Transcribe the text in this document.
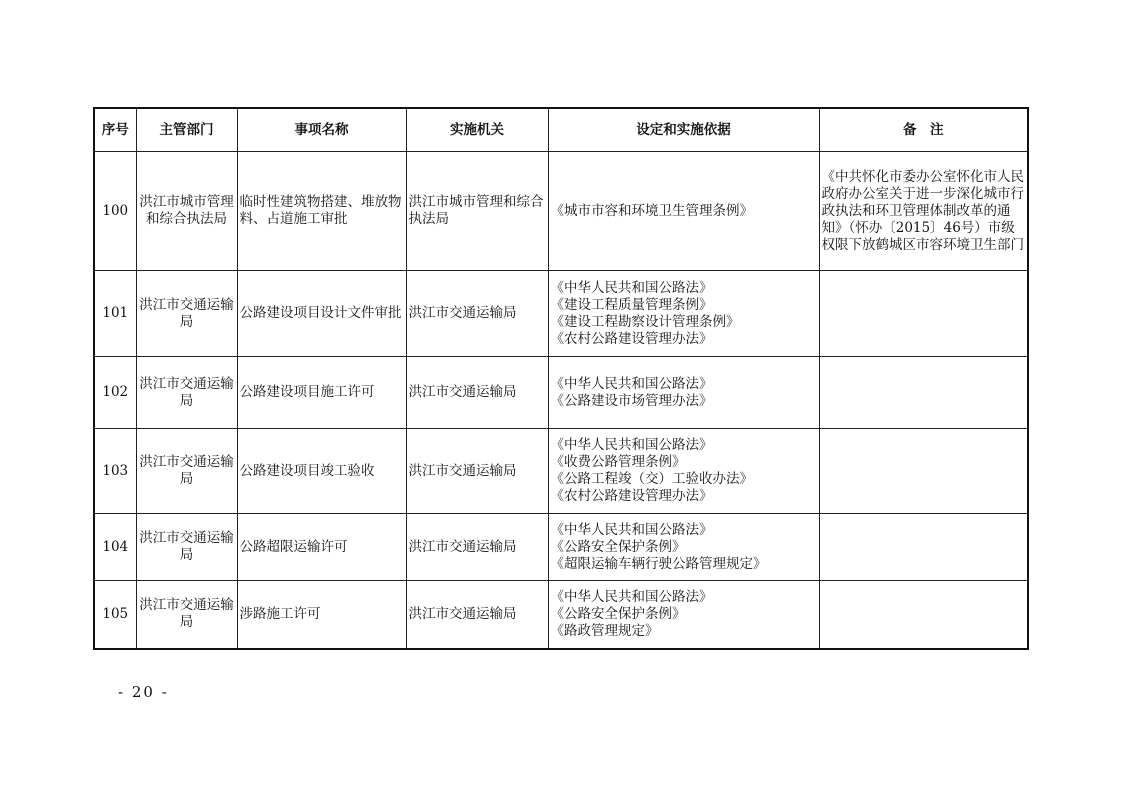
序号	主管部门	事项名称	实施机关	设定和实施依据	备　注
100	洪江市城市管理和综合执法局	临时性建筑物搭建、堆放物料、占道施工审批	洪江市城市管理和综合执法局	《城市市容和环境卫生管理条例》	《中共怀化市委办公室怀化市人民政府办公室关于进一步深化城市行政执法和环卫管理体制改革的通知》（怀办〔2015〕46号）市级权限下放鹤城区市容环境卫生部门
101	洪江市交通运输局	公路建设项目设计文件审批	洪江市交通运输局	《中华人民共和国公路法》
《建设工程质量管理条例》
《建设工程勘察设计管理条例》
《农村公路建设管理办法》	

102	洪江市交通运输局	公路建设项目施工许可	洪江市交通运输局	《中华人民共和国公路法》
《公路建设市场管理办法》	

103	洪江市交通运输局	公路建设项目竣工验收	洪江市交通运输局	《中华人民共和国公路法》
《收费公路管理条例》
《公路工程竣（交）工验收办法》
《农村公路建设管理办法》	

104	洪江市交通运输局	公路超限运输许可	洪江市交通运输局	《中华人民共和国公路法》
《公路安全保护条例》
《超限运输车辆行驶公路管理规定》	

105	洪江市交通运输局	涉路施工许可	洪江市交通运输局	《中华人民共和国公路法》
《公路安全保护条例》
《路政管理规定》	

- 20 -
